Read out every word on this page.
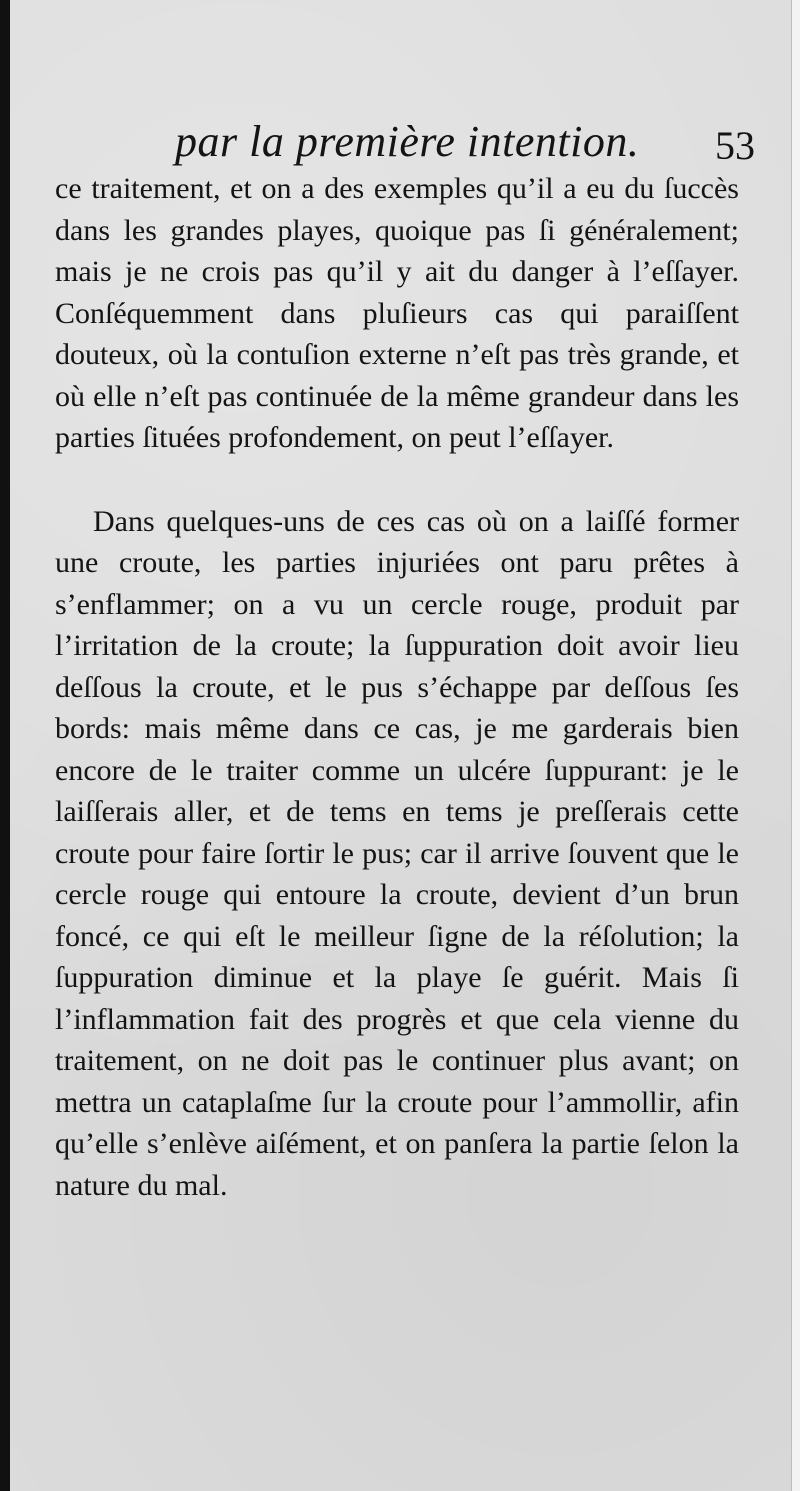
par la première intention. 53

ce traitement, et on a des exemples qu’il a eu du ſuccès dans les grandes playes, quoique pas ſi généralement; mais je ne crois pas qu’il y ait du danger à l’eſſayer. Conſéquemment dans pluſieurs cas qui paraiſſent douteux, où la contuſion externe n’eſt pas très grande, et où elle n’eſt pas continuée de la même grandeur dans les parties ſituées profondement, on peut l’eſſayer.

Dans quelques-uns de ces cas où on a laiſſé former une croute, les parties injuriées ont paru prêtes à s’enflammer; on a vu un cercle rouge, produit par l’irritation de la croute; la ſuppuration doit avoir lieu deſſous la croute, et le pus s’échappe par deſſous ſes bords: mais même dans ce cas, je me garderais bien encore de le traiter comme un ulcére ſuppurant: je le laiſſerais aller, et de tems en tems je preſſerais cette croute pour faire ſortir le pus; car il arrive ſouvent que le cercle rouge qui entoure la croute, devient d’un brun foncé, ce qui eſt le meilleur ſigne de la réſolution; la ſuppuration diminue et la playe ſe guérit. Mais ſi l’inflammation fait des progrès et que cela vienne du traitement, on ne doit pas le continuer plus avant; on mettra un cataplaſme ſur la croute pour l’ammollir, afin qu’elle s’enlève aiſément, et on panſera la partie ſelon la nature du mal.
